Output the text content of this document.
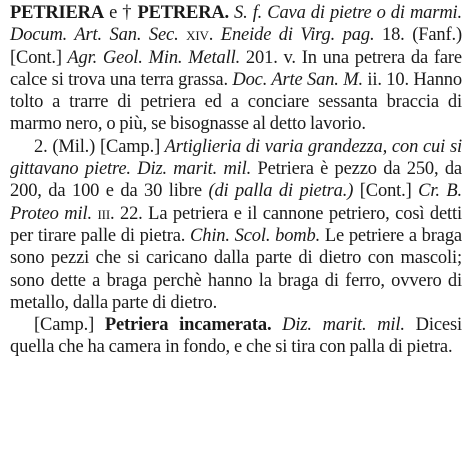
PETRIERA e † PETRERA. S. f. Cava di pietre o di marmi. Docum. Art. San. Sec. xiv. Eneide di Virg. pag. 18. (Fanf.) [Cont.] Agr. Geol. Min. Metall. 201. v. In una petrera da fare calce si trova una terra grassa. Doc. Arte San. M. ii. 10. Hanno tolto a trarre di petriera ed a conciare sessanta braccia di marmo nero, o più, se bisognasse al detto lavorio.

2. (Mil.) [Camp.] Artiglieria di varia grandezza, con cui si gittavano pietre. Diz. marit. mil. Petriera è pezzo da 250, da 200, da 100 e da 30 libre (di palla di pietra.) [Cont.] Cr. B. Proteo mil. iii. 22. La petriera e il cannone petriero, così detti per tirare palle di pietra. Chin. Scol. bomb. Le petriere a braga sono pezzi che si caricano dalla parte di dietro con mascoli; sono dette a braga perchè hanno la braga di ferro, ovvero di metallo, dalla parte di dietro.

[Camp.] Petriera incamerata. Diz. marit. mil. Dicesi quella che ha camera in fondo, e che si tira con palla di pietra.
